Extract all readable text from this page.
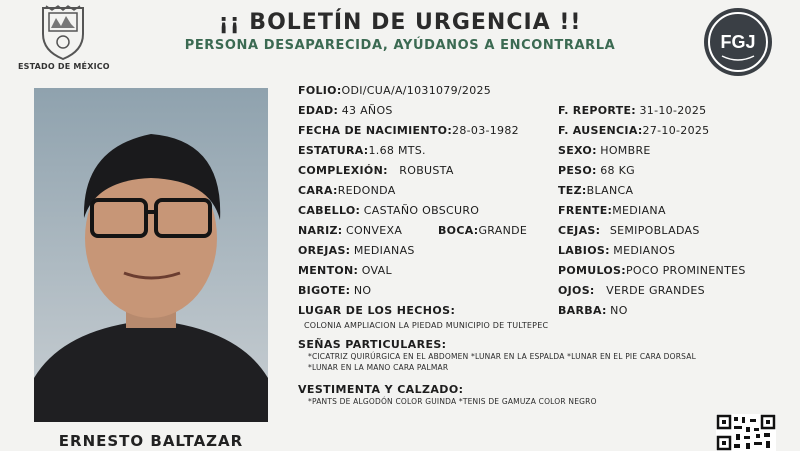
ESTADO DE MÉXICO
¡¡ BOLETÍN DE URGENCIA !!
PERSONA DESAPARECIDA, AYÚDANOS A ENCONTRARLA	FGJ
ERNESTO BALTAZAR
FOLIO:ODI/CUA/A/1031079/2025
EDAD: 43 AÑOS
FECHA DE NACIMIENTO:28-03-1982
ESTATURA:1.68 MTS.
COMPLEXIÓN: ROBUSTA
CARA:REDONDA
CABELLO: CASTAÑO OBSCURO
NARIZ: CONVEXA	BOCA:GRANDE
OREJAS: MEDIANAS
MENTON: OVAL
BIGOTE: NO
F. REPORTE: 31-10-2025
F. AUSENCIA:27-10-2025
SEXO: HOMBRE
PESO: 68 KG
TEZ:BLANCA
FRENTE:MEDIANA
CEJAS: SEMIPOBLADAS
LABIOS: MEDIANOS
POMULOS:POCO PROMINENTES
OJOS: VERDE GRANDES
BARBA: NO
LUGAR DE LOS HECHOS:
COLONIA AMPLIACION LA PIEDAD MUNICIPIO DE TULTEPEC
SEÑAS PARTICULARES:
*CICATRIZ QUIRÚRGICA EN EL ABDOMEN *LUNAR EN LA ESPALDA *LUNAR EN EL PIE CARA DORSAL
*LUNAR EN LA MANO CARA PALMAR
VESTIMENTA Y CALZADO:
*PANTS DE ALGODÓN COLOR GUINDA *TENIS DE GAMUZA COLOR NEGRO
